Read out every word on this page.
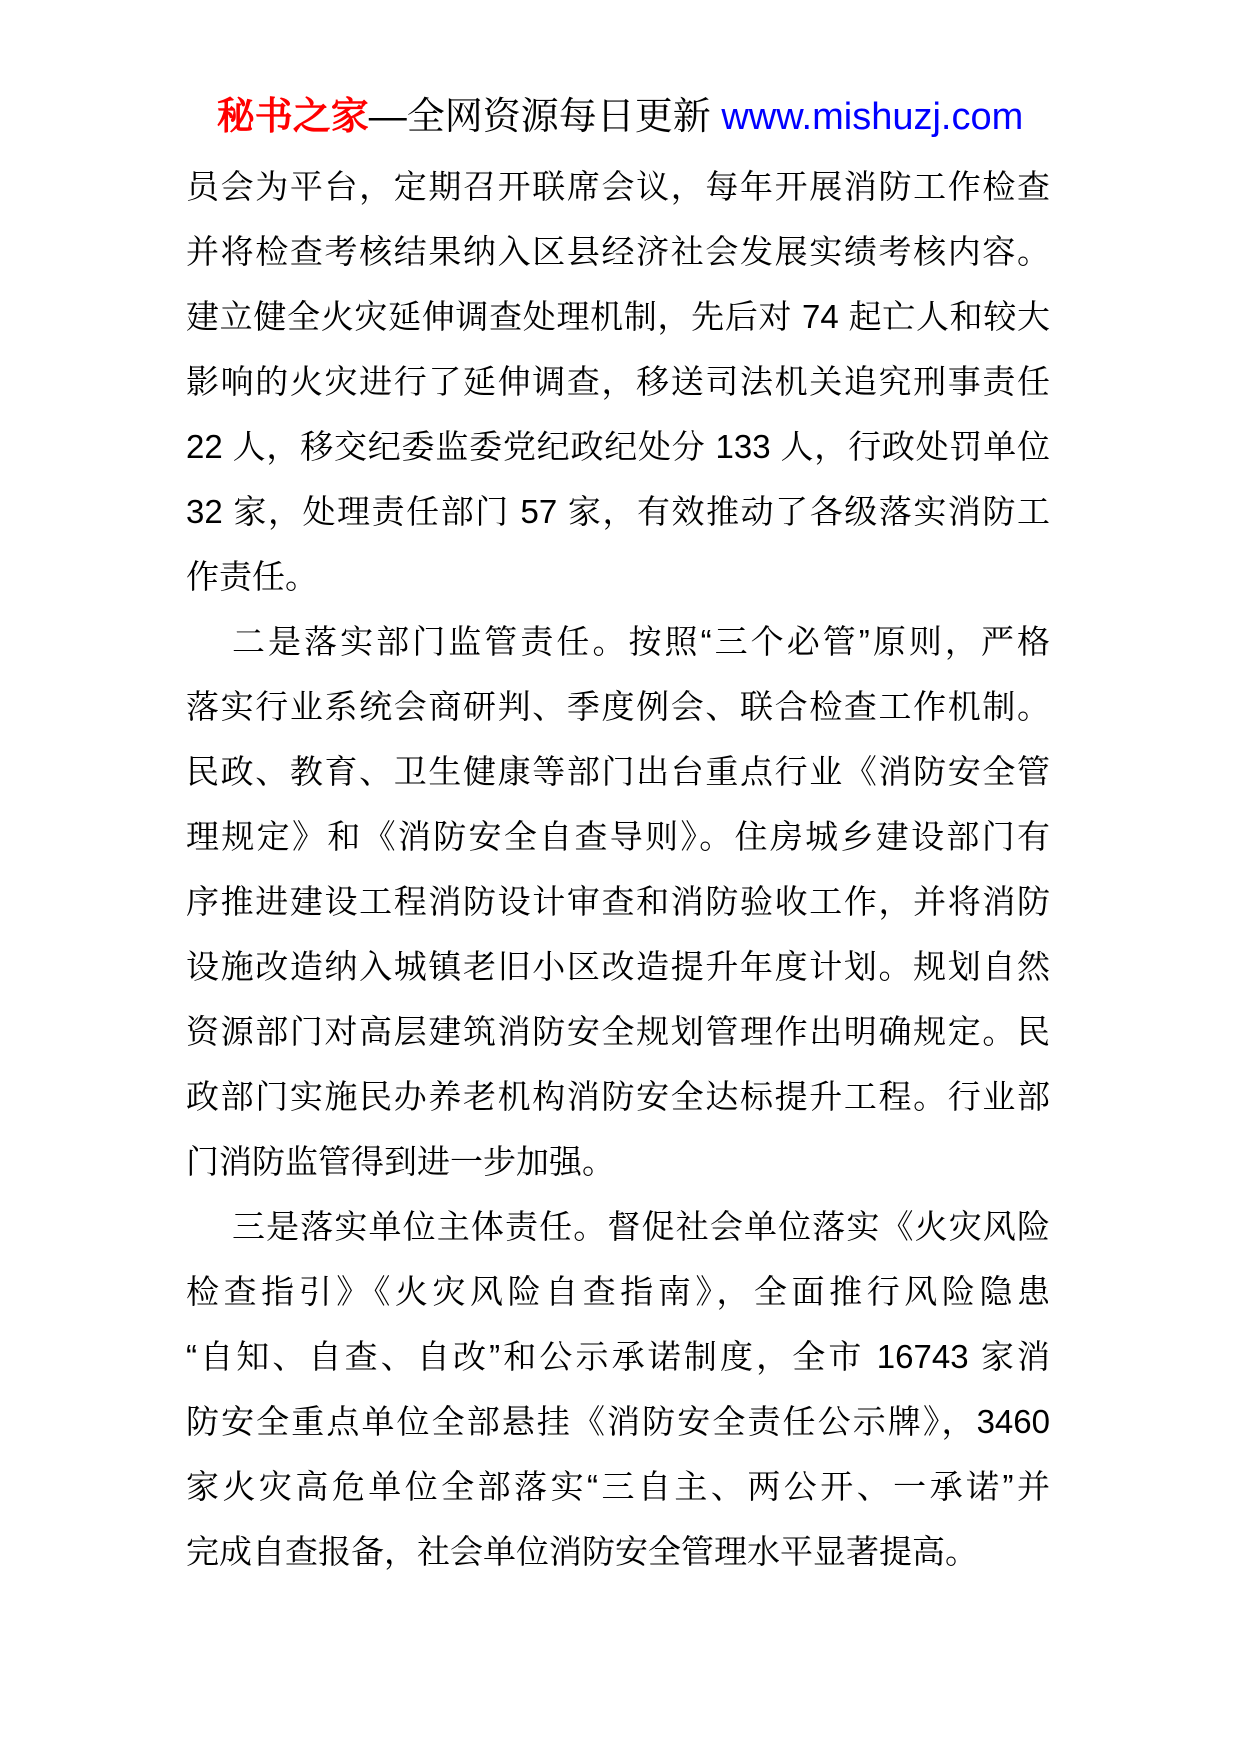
秘书之家—全网资源每日更新 www.mishuzj.com
员会为平台，定期召开联席会议，每年开展消防工作检查
并将检查考核结果纳入区县经济社会发展实绩考核内容。
建立健全火灾延伸调查处理机制，先后对 74 起亡人和较大
影响的火灾进行了延伸调查，移送司法机关追究刑事责任
22 人，移交纪委监委党纪政纪处分 133 人，行政处罚单位
32 家，处理责任部门 57 家，有效推动了各级落实消防工
作责任。
二是落实部门监管责任。按照“三个必管”原则，严格
落实行业系统会商研判、季度例会、联合检查工作机制。
民政、教育、卫生健康等部门出台重点行业《消防安全管
理规定》和《消防安全自查导则》。住房城乡建设部门有
序推进建设工程消防设计审查和消防验收工作，并将消防
设施改造纳入城镇老旧小区改造提升年度计划。规划自然
资源部门对高层建筑消防安全规划管理作出明确规定。民
政部门实施民办养老机构消防安全达标提升工程。行业部
门消防监管得到进一步加强。
三是落实单位主体责任。督促社会单位落实《火灾风险
检查指引》《火灾风险自查指南》，全面推行风险隐患
“自知、自查、自改”和公示承诺制度，全市 16743 家消
防安全重点单位全部悬挂《消防安全责任公示牌》，3460
家火灾高危单位全部落实“三自主、两公开、一承诺”并
完成自查报备，社会单位消防安全管理水平显著提高。
